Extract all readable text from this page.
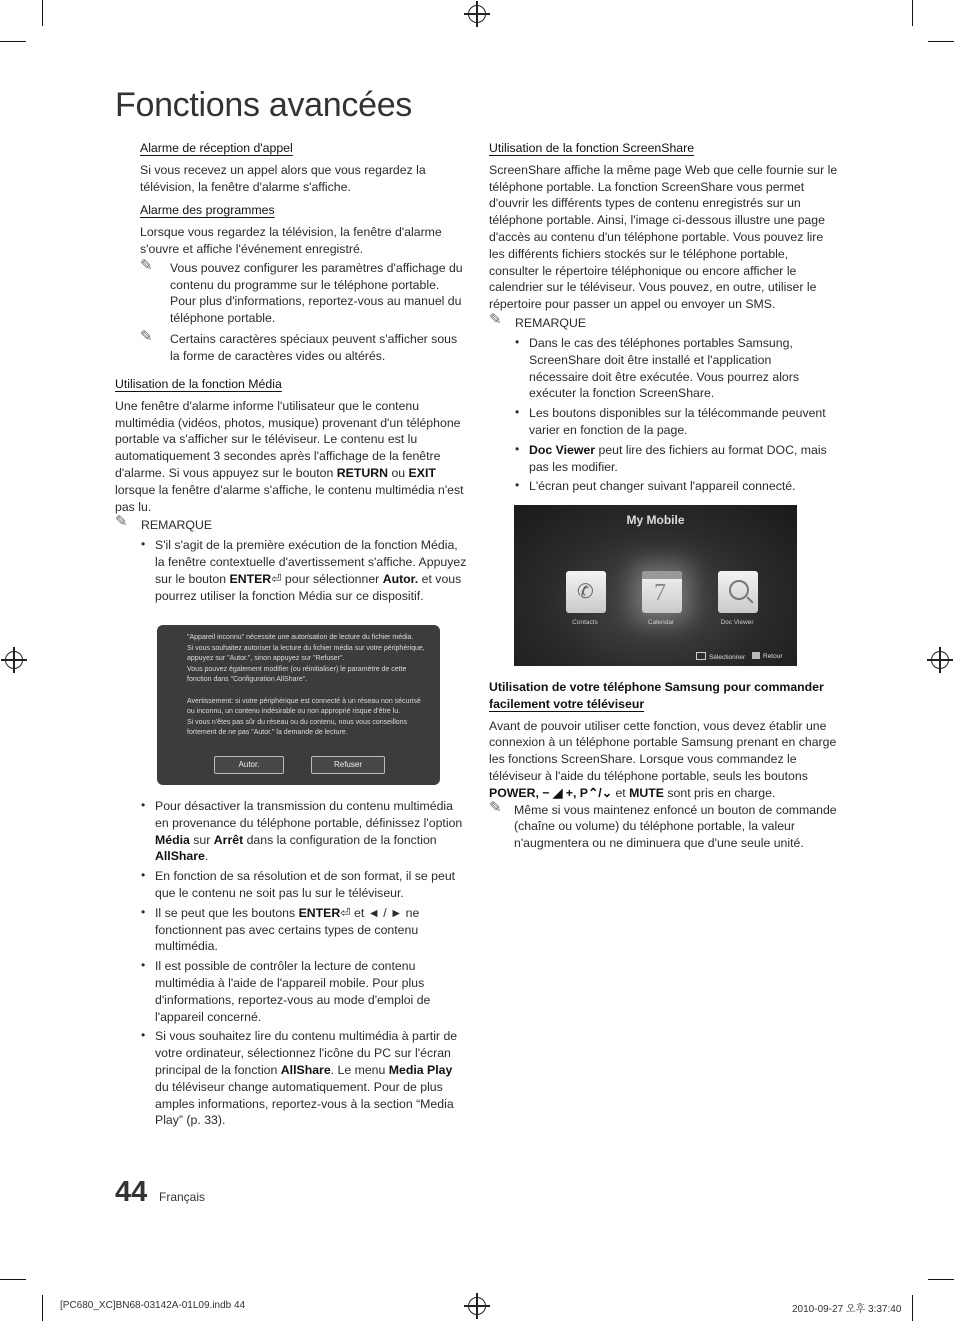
Fonctions avancées

Alarme de réception d'appel

Si vous recevez un appel alors que vous regardez la télévision, la fenêtre d'alarme s'affiche.

Alarme des programmes

Lorsque vous regardez la télévision, la fenêtre d'alarme s'ouvre et affiche l'événement enregistré.

✎ Vous pouvez configurer les paramètres d'affichage du contenu du programme sur le téléphone portable. Pour plus d'informations, reportez-vous au manuel du téléphone portable.
✎ Certains caractères spéciaux peuvent s'afficher sous la forme de caractères vides ou altérés.

Utilisation de la fonction Média

Une fenêtre d'alarme informe l'utilisateur que le contenu multimédia (vidéos, photos, musique) provenant d'un téléphone portable va s'afficher sur le téléviseur. Le contenu est lu automatiquement 3 secondes après l'affichage de la fenêtre d'alarme. Si vous appuyez sur le bouton RETURN ou EXIT lorsque la fenêtre d'alarme s'affiche, le contenu multimédia n'est pas lu.

✎ REMARQUE
• S'il s'agit de la première exécution de la fonction Média, la fenêtre contextuelle d'avertissement s'affiche. Appuyez sur le bouton ENTER⏎ pour sélectionner Autor. et vous pourrez utiliser la fonction Média sur ce dispositif.
"Appareil inconnu" nécessite une autorisation de lecture du fichier média.
Si vous souhaitez autoriser la lecture du fichier média sur votre périphérique,
appuyez sur "Autor.", sinon appuyez sur "Refuser".
Vous pouvez également modifier (ou réinitialiser) le paramètre de cette
fonction dans "Configuration AllShare".
Avertissement: si votre périphérique est connecté à un réseau non sécurisé
ou inconnu, un contenu indésirable ou non approprié risque d'être lu.
Si vous n'êtes pas sûr du réseau ou du contenu, nous vous conseillons
fortement de ne pas "Autor." la demande de lecture.
Autor.	Refuser
• Pour désactiver la transmission du contenu multimédia en provenance du téléphone portable, définissez l'option Média sur Arrêt dans la configuration de la fonction AllShare.
• En fonction de sa résolution et de son format, il se peut que le contenu ne soit pas lu sur le téléviseur.
• Il se peut que les boutons ENTER⏎ et ◄ / ► ne fonctionnent pas avec certains types de contenu multimédia.
• Il est possible de contrôler la lecture de contenu multimédia à l'aide de l'appareil mobile. Pour plus d'informations, reportez-vous au mode d'emploi de l'appareil concerné.
• Si vous souhaitez lire du contenu multimédia à partir de votre ordinateur, sélectionnez l'icône du PC sur l'écran principal de la fonction AllShare. Le menu Media Play du téléviseur change automatiquement. Pour de plus amples informations, reportez-vous à la section “Media Play” (p. 33).

Utilisation de la fonction ScreenShare

ScreenShare affiche la même page Web que celle fournie sur le téléphone portable. La fonction ScreenShare vous permet d'ouvrir les différents types de contenu enregistrés sur un téléphone portable. Ainsi, l'image ci-dessous illustre une page d'accès au contenu d'un téléphone portable. Vous pouvez lire les différents fichiers stockés sur le téléphone portable, consulter le répertoire téléphonique ou encore afficher le calendrier sur le téléviseur. Vous pouvez, en outre, utiliser le répertoire pour passer un appel ou envoyer un SMS.

✎ REMARQUE
• Dans le cas des téléphones portables Samsung, ScreenShare doit être installé et l'application nécessaire doit être exécutée. Vous pourrez alors exécuter la fonction ScreenShare.
• Les boutons disponibles sur la télécommande peuvent varier en fonction de la page.
• Doc Viewer peut lire des fichiers au format DOC, mais pas les modifier.
• L'écran peut changer suivant l'appareil connecté.
My Mobile
✆	7
Contacts	Calendar	Doc Viewer
Sélectionner	Retour

Utilisation de votre téléphone Samsung pour commander
facilement votre téléviseur

Avant de pouvoir utiliser cette fonction, vous devez établir une connexion à un téléphone portable Samsung prenant en charge les fonctions ScreenShare. Lorsque vous commandez le téléviseur à l'aide du téléphone portable, seuls les boutons POWER, − ◢ +, P⌃/⌄ et MUTE sont pris en charge.

✎ Même si vous maintenez enfoncé un bouton de commande (chaîne ou volume) du téléphone portable, la valeur n'augmentera ou ne diminuera que d'une seule unité.
44 Français
[PC680_XC]BN68-03142A-01L09.indb 44	2010-09-27 오후 3:37:40
